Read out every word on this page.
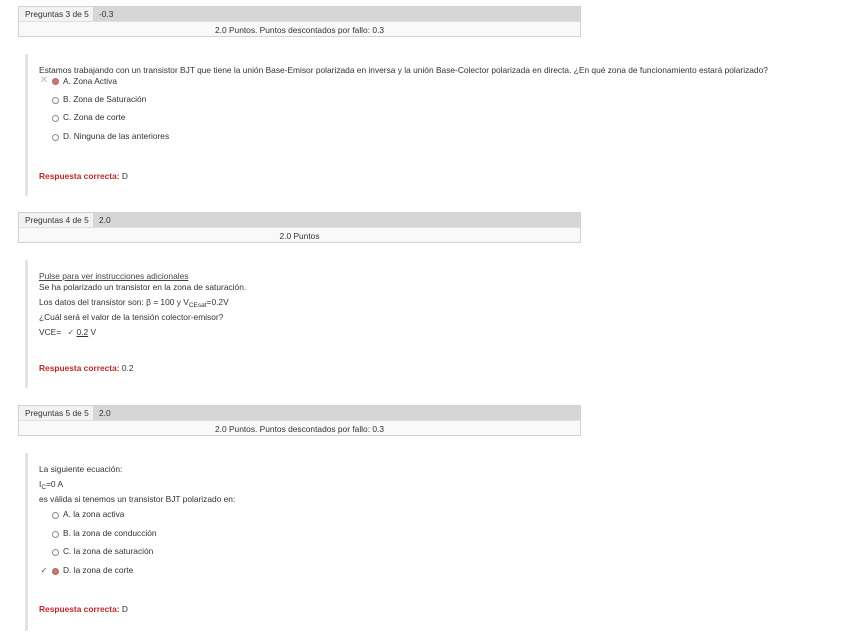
Preguntas 3 de 5	-0.3
2.0 Puntos. Puntos descontados por fallo: 0.3
Estamos trabajando con un transistor BJT que tiene la unión Base-Emisor polarizada en inversa y la unión Base-Colector polarizada en directa. ¿En qué zona de funcionamiento estará polarizado?
✕ A. Zona Activa
B. Zona de Saturación
C. Zona de corte
D. Ninguna de las anteriores
Respuesta correcta: D
Preguntas 4 de 5	2.0
2.0 Puntos
Pulse para ver instrucciones adicionales
Se ha polarizado un transistor en la zona de saturación.
Los datos del transistor son: β = 100 y $V_{CEsat}=0.2V$
¿Cuál será el valor de la tensión colector-emisor?
VCE= ✓ 0.2 V
Respuesta correcta: 0.2
Preguntas 5 de 5	2.0
2.0 Puntos. Puntos descontados por fallo: 0.3
La siguiente ecuación:
$I_C=0$ A
es válida si tenemos un transistor BJT polarizado en:
A. la zona activa
B. la zona de conducción
C. la zona de saturación
✓ D. la zona de corte
Respuesta correcta: D
